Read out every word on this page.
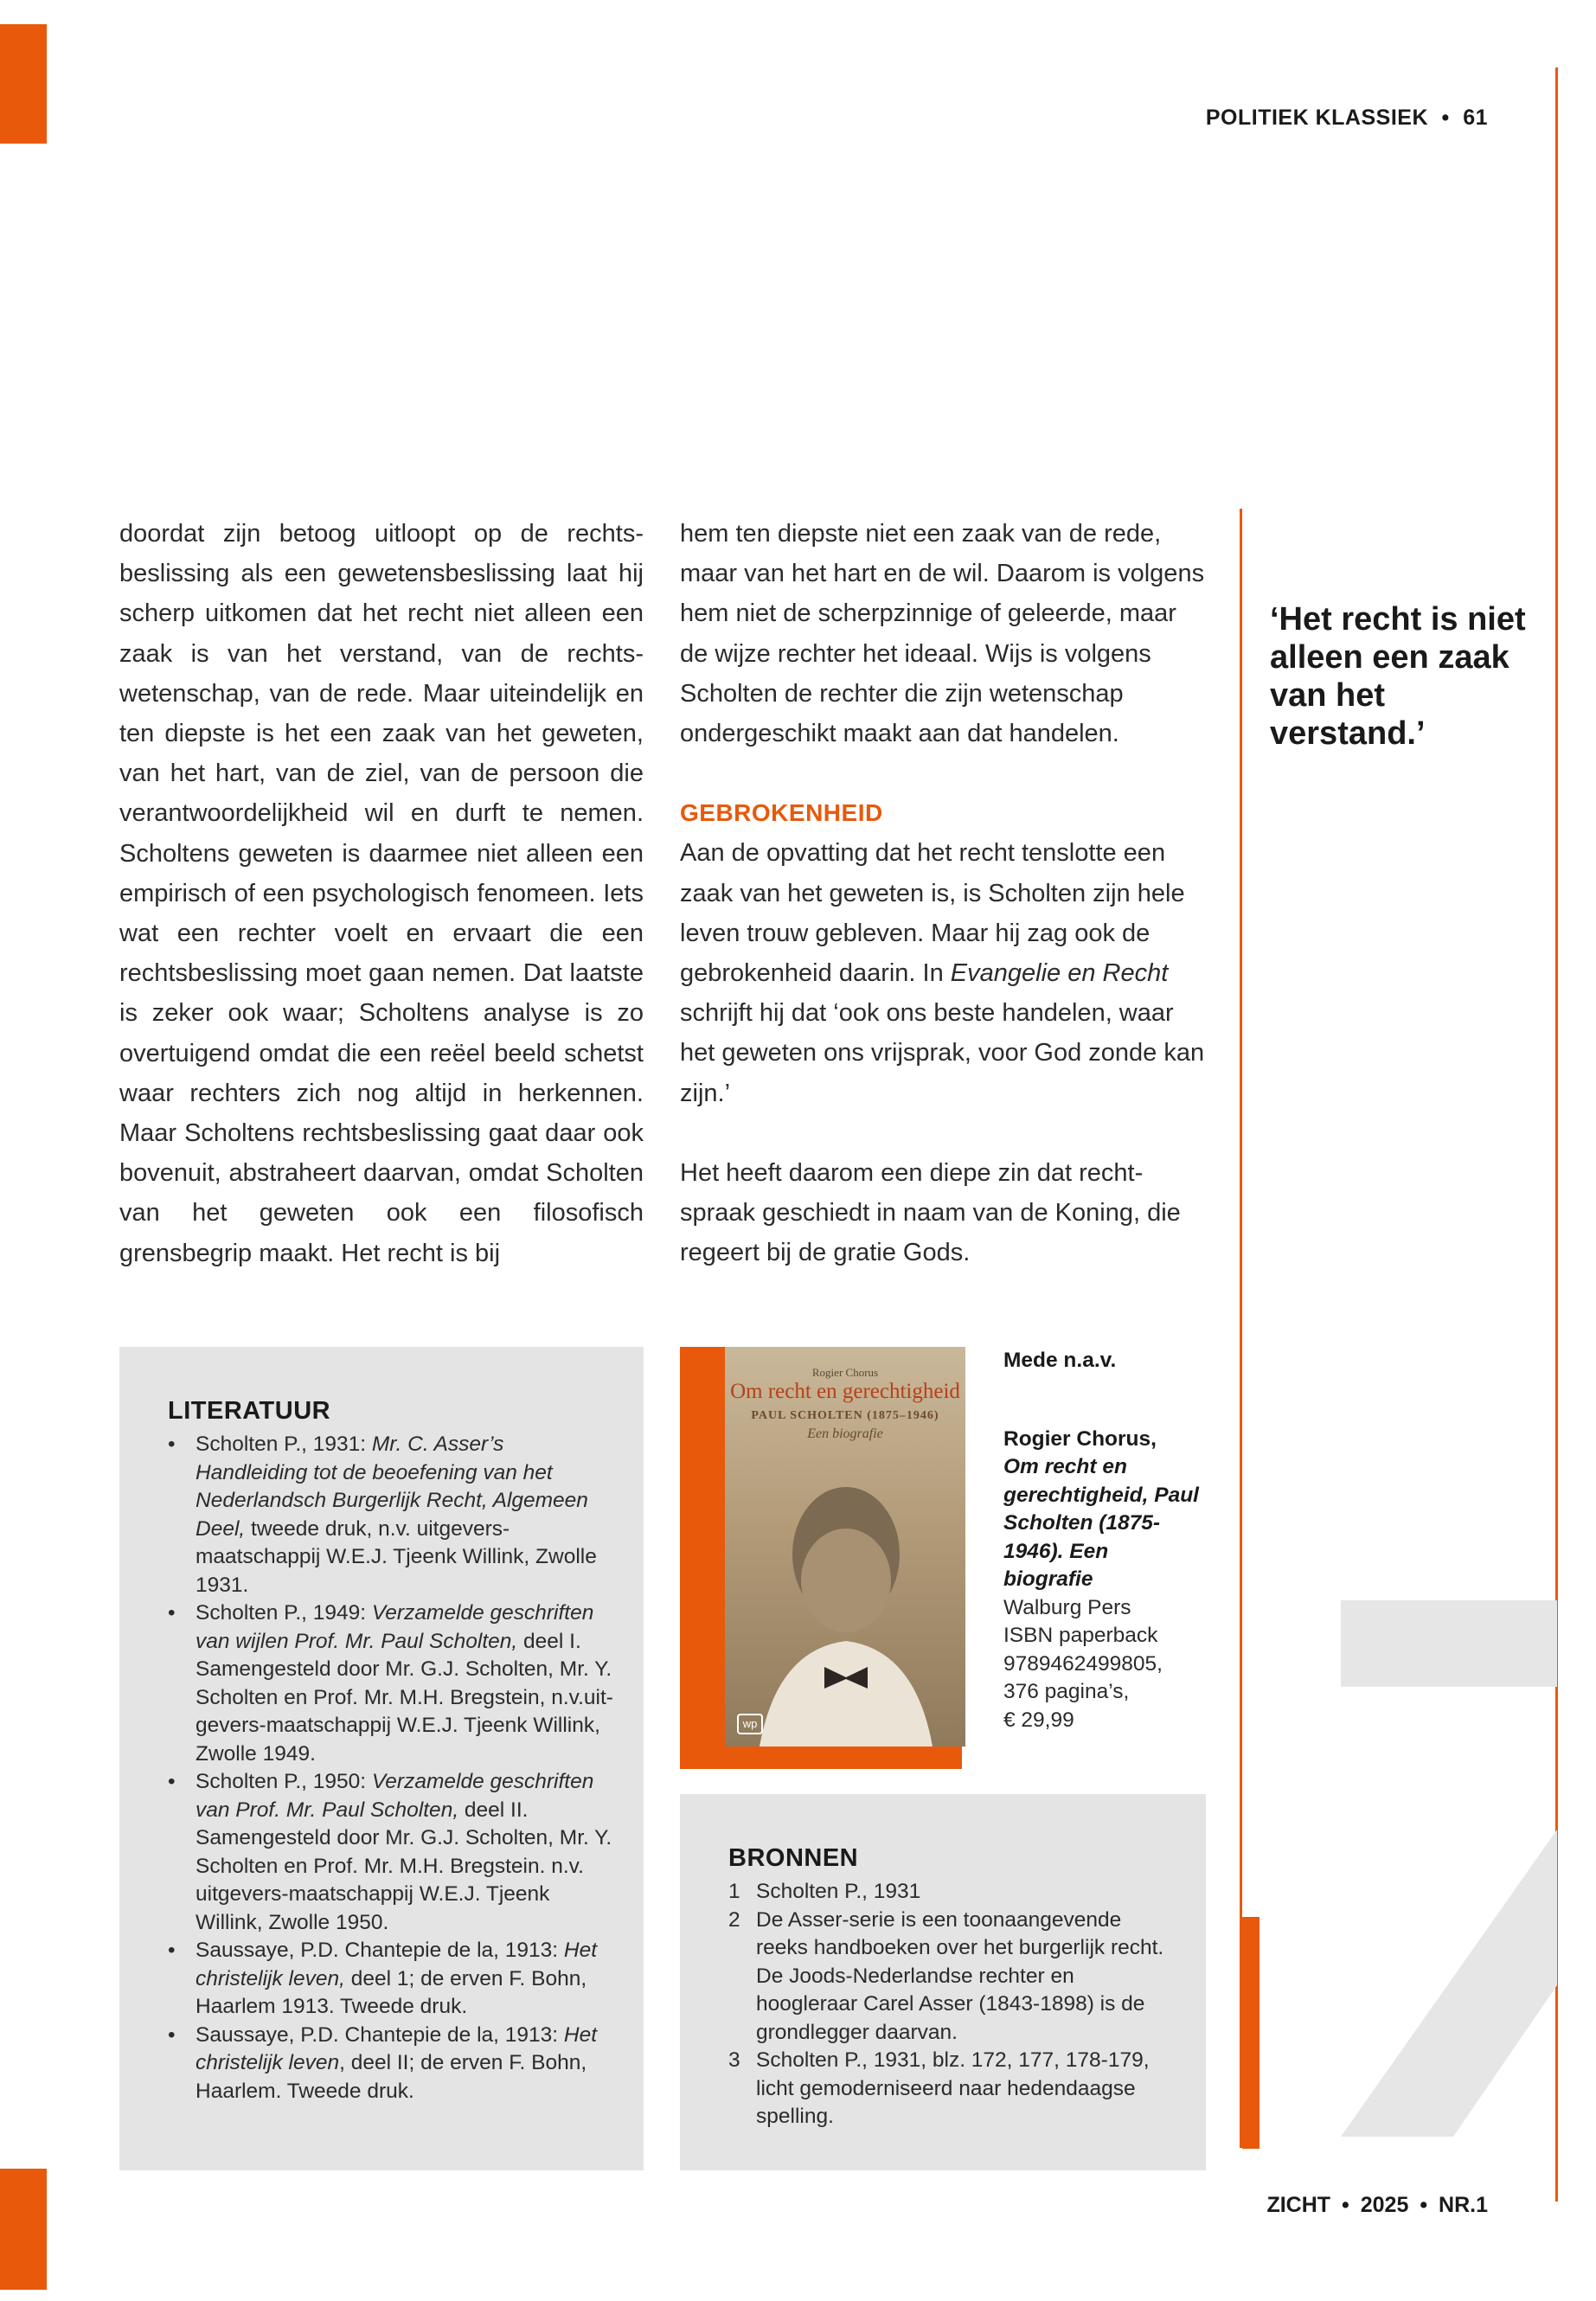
POLITIEK KLASSIEK • 61

doordat zijn betoog uitloopt op de rechtsbeslissing als een gewetensbeslissing laat hij scherp uitkomen dat het recht niet alleen een zaak is van het verstand, van de rechtswetenschap, van de rede. Maar uiteindelijk en ten diepste is het een zaak van het geweten, van het hart, van de ziel, van de persoon die verantwoordelijkheid wil en durft te nemen. Scholtens geweten is daarmee niet alleen een empirisch of een psychologisch fenomeen. Iets wat een rechter voelt en ervaart die een rechtsbeslissing moet gaan nemen. Dat laatste is zeker ook waar; Scholtens analyse is zo overtuigend omdat die een reëel beeld schetst waar rechters zich nog altijd in herkennen. Maar Scholtens rechtsbeslissing gaat daar ook bovenuit, abstraheert daarvan, omdat Scholten van het geweten ook een filosofisch grensbegrip maakt. Het recht is bij

hem ten diepste niet een zaak van de rede, maar van het hart en de wil. Daarom is volgens hem niet de scherpzinnige of geleerde, maar de wijze rechter het ideaal. Wijs is volgens Scholten de rechter die zijn wetenschap ondergeschikt maakt aan dat handelen.

GEBROKENHEID

Aan de opvatting dat het recht tenslotte een zaak van het geweten is, is Scholten zijn hele leven trouw gebleven. Maar hij zag ook de gebrokenheid daarin. In Evangelie en Recht schrijft hij dat ‘ook ons beste handelen, waar het geweten ons vrijsprak, voor God zonde kan zijn.’

Het heeft daarom een diepe zin dat rechtspraak geschiedt in naam van de Koning, die regeert bij de gratie Gods.

‘Het recht is niet alleen een zaak van het verstand.’

LITERATUUR

• Scholten P., 1931: Mr. C. Asser’s Handleiding tot de beoefening van het Nederlandsch Burgerlijk Recht, Algemeen Deel, tweede druk, n.v. uitgevers-maatschappij W.E.J. Tjeenk Willink, Zwolle 1931.
• Scholten P., 1949: Verzamelde geschriften van wijlen Prof. Mr. Paul Scholten, deel I. Samengesteld door Mr. G.J. Scholten, Mr. Y. Scholten en Prof. Mr. M.H. Bregstein, n.v.uitgevers-maatschappij W.E.J. Tjeenk Willink, Zwolle 1949.
• Scholten P., 1950: Verzamelde geschriften van Prof. Mr. Paul Scholten, deel II. Samengesteld door Mr. G.J. Scholten, Mr. Y. Scholten en Prof. Mr. M.H. Bregstein. n.v. uitgevers-maatschappij W.E.J. Tjeenk Willink, Zwolle 1950.
• Saussaye, P.D. Chantepie de la, 1913: Het christelijk leven, deel 1; de erven F. Bohn, Haarlem 1913. Tweede druk.
• Saussaye, P.D. Chantepie de la, 1913: Het christelijk leven, deel II; de erven F. Bohn, Haarlem. Tweede druk.
Rogier Chorus
Om recht en gerechtigheid
PAUL SCHOLTEN (1875–1946)
Een biografie
wp

Mede n.a.v.

Rogier Chorus,

Om recht en gerechtigheid, Paul Scholten (1875-1946). Een biografie

Walburg Pers

ISBN paperback 9789462499805,

376 pagina’s,

€ 29,99

BRONNEN

1 Scholten P., 1931
2 De Asser-serie is een toonaangevende reeks handboeken over het burgerlijk recht. De Joods-Nederlandse rechter en hoogleraar Carel Asser (1843-1898) is de grondlegger daarvan.
3 Scholten P., 1931, blz. 172, 177, 178-179, licht gemoderniseerd naar hedendaagse spelling.
ZICHT • 2025 • NR.1
